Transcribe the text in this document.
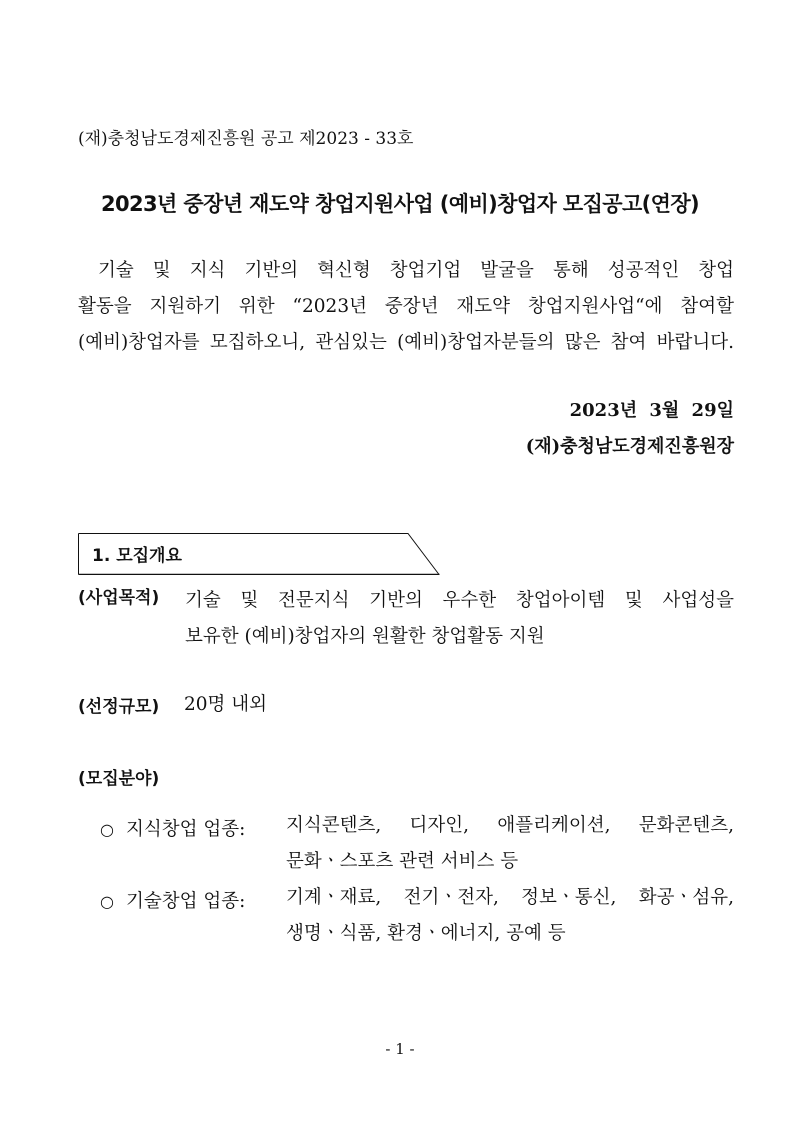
(재)충청남도경제진흥원 공고 제2023 - 33호
2023년 중장년 재도약 창업지원사업 (예비)창업자 모집공고(연장)

기술 및 지식 기반의 혁신형 창업기업 발굴을 통해 성공적인 창업

활동을 지원하기 위한 “2023년 중장년 재도약 창업지원사업“에 참여할

(예비)창업자를 모집하오니, 관심있는 (예비)창업자분들의 많은 참여 바랍니다.

2023년 3월 29일
(재)충청남도경제진흥원장
1. 모집개요
(사업목적) 기술 및 전문지식 기반의 우수한 창업아이템 및 사업성을

보유한 (예비)창업자의 원활한 창업활동 지원

(선정규모) 20명 내외
(모집분야)
○ 지식창업 업종: 지식콘텐츠, 디자인, 애플리케이션, 문화콘텐츠,

문화ㆍ스포츠 관련 서비스 등

○ 기술창업 업종: 기계ㆍ재료, 전기ㆍ전자, 정보ㆍ통신, 화공ㆍ섬유,

생명ㆍ식품, 환경ㆍ에너지, 공예 등

- 1 -
